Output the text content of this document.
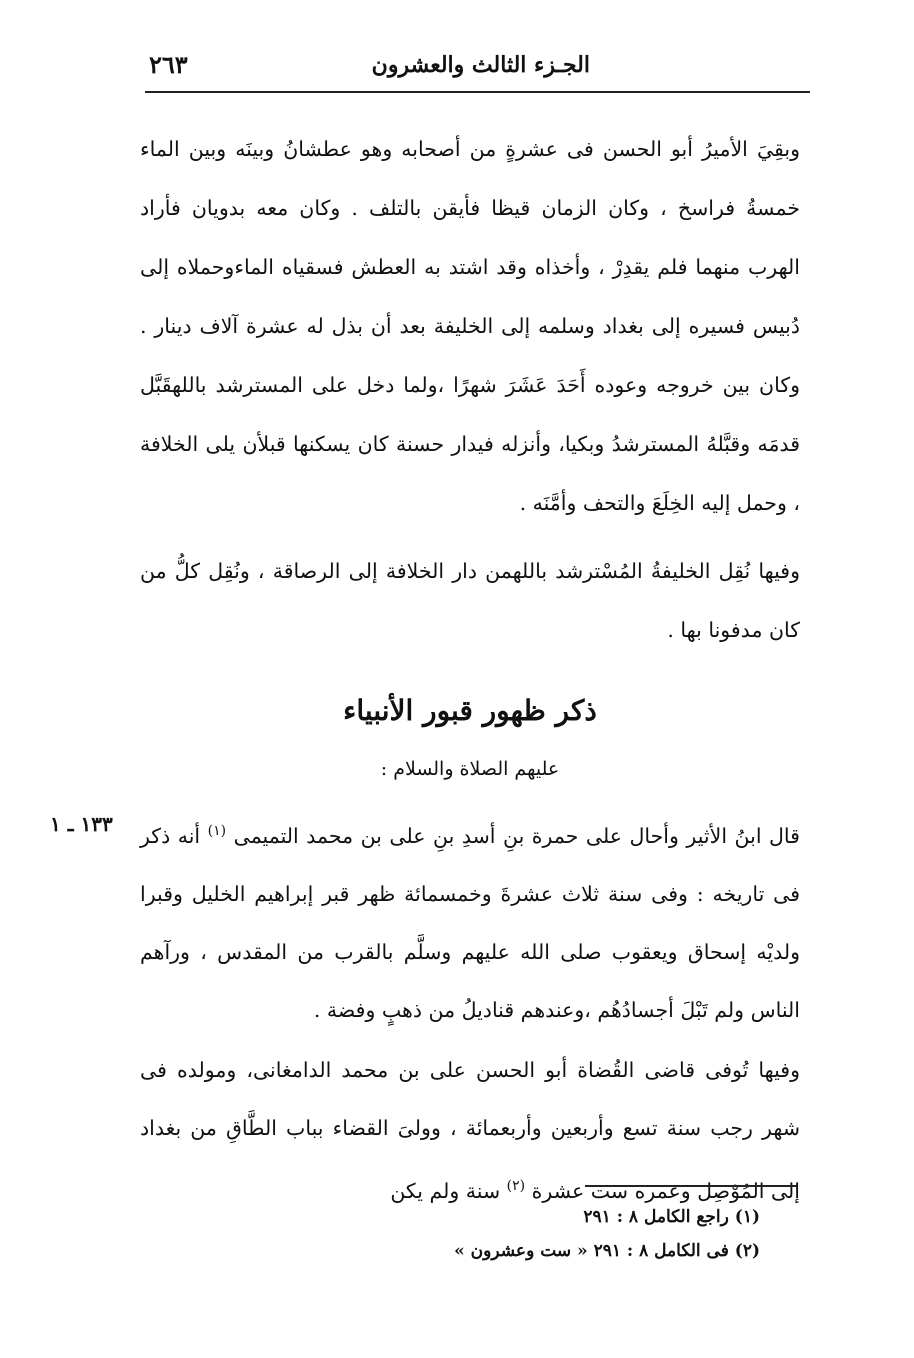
الجـزء الثالث والعشرون
٢٦٣

وبقِيَ الأميرُ أبو الحسن فى عشرةٍ من أصحابه وهو عطشانُ وبينَه وبين الماء خمسةُ فراسخ ، وكان الزمان قيظا فأيقن بالتلف . وكان معه بدويان فأراد الهرب منهما فلم يقدِرْ ، وأخذاه وقد اشتد به العطش فسقياه الماءوحملاه إلى دُبيس فسيره إلى بغداد وسلمه إلى الخليفة بعد أن بذل له عشرة آلاف دينار . وكان بين خروجه وعوده أَحَدَ عَشَرَ شهرًا ،ولما دخل على المسترشد باللهقَبَّل قدمَه وقبَّلهُ المسترشدُ وبكيا، وأنزله فيدار حسنة كان يسكنها قبلأن يلى الخلافة ، وحمل إليه الخِلَعَ والتحف وأمَّنَه .

وفيها نُقِل الخليفةُ المُسْترشد باللهمن دار الخلافة إلى الرصاقة ، ونُقِل كلُّ من كان مدفونا بها .

ذكر ظهور قبور الأنبياء
عليهم الصلاة والسلام :

قال ابنُ الأثير وأحال على حمرة بنِ أسدِ بنِ على بن محمد التميمى $^{(١)}$ أنه ذكر فى تاريخه : وفى سنة ثلاث عشرةَ وخمسمائة ظهر قبر إبراهيم الخليل وقبرا ولديْه إسحاق ويعقوب صلى الله عليهم وسلَّم بالقرب من المقدس ، ورآهم الناس ولم تَبْلَ أجسادُهُم ،وعندهم قناديلُ من ذهبٍ وفضة .

وفيها تُوفى قاضى القُضاة أبو الحسن على بن محمد الدامغانى، ومولده فى شهر رجب سنة تسع وأربعين وأربعمائة ، وولىَ القضاء بباب الطَّاقِ من بغداد إلى المُوْصِل وعمره ست عشرة $^{(٢)}$ سنة ولم يكن

١٣٣ ـ ١
(١) راجع الكامل ٨ : ٢٩١
(٢) فى الكامل ٨ : ٢٩١ « ست وعشرون »
